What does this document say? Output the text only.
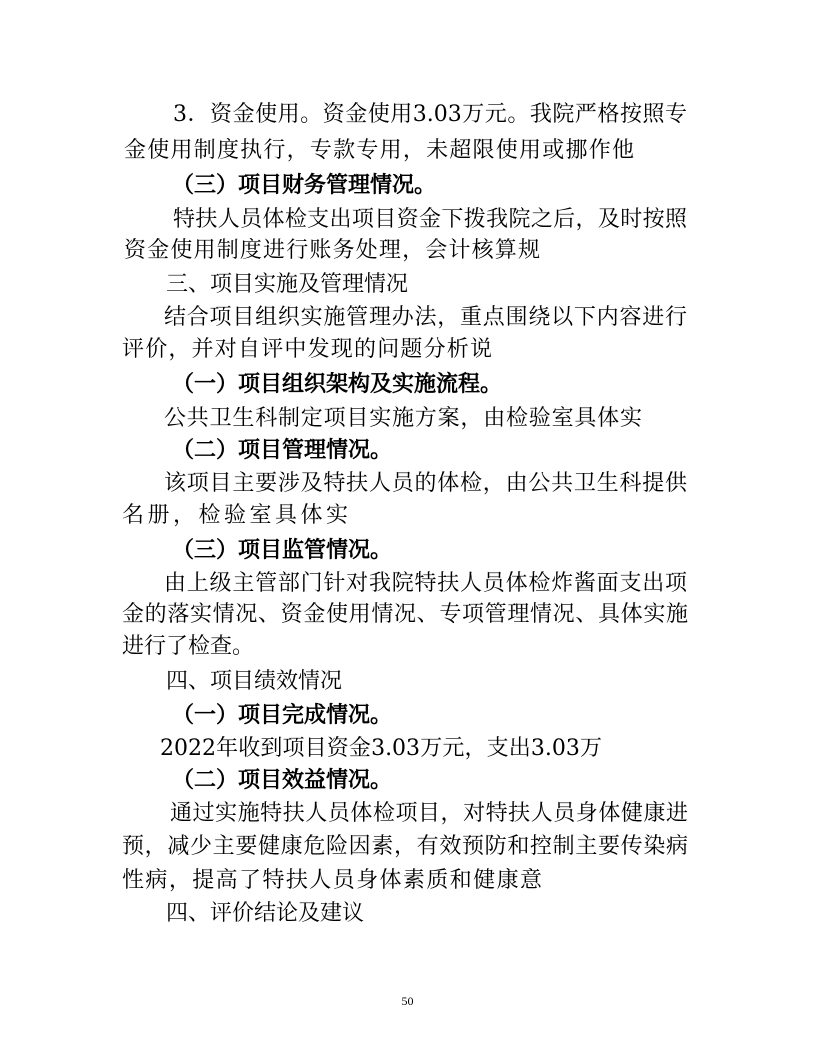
3．资金使用。资金使用3.03万元。我院严格按照专
金使用制度执行，专款专用，未超限使用或挪作他
（三）项目财务管理情况。
特扶人员体检支出项目资金下拨我院之后，及时按照
资金使用制度进行账务处理，会计核算规
三、项目实施及管理情况
结合项目组织实施管理办法，重点围绕以下内容进行
评价，并对自评中发现的问题分析说
（一）项目组织架构及实施流程。
公共卫生科制定项目实施方案，由检验室具体实
（二）项目管理情况。
该项目主要涉及特扶人员的体检，由公共卫生科提供
名册，检验室具体实
（三）项目监管情况。
由上级主管部门针对我院特扶人员体检炸酱面支出项
金的落实情况、资金使用情况、专项管理情况、具体实施
进行了检查。
四、项目绩效情况
（一）项目完成情况。
2022年收到项目资金3.03万元，支出3.03万
（二）项目效益情况。
通过实施特扶人员体检项目，对特扶人员身体健康进
预，减少主要健康危险因素，有效预防和控制主要传染病
性病，提高了特扶人员身体素质和健康意
四、评价结论及建议
50
